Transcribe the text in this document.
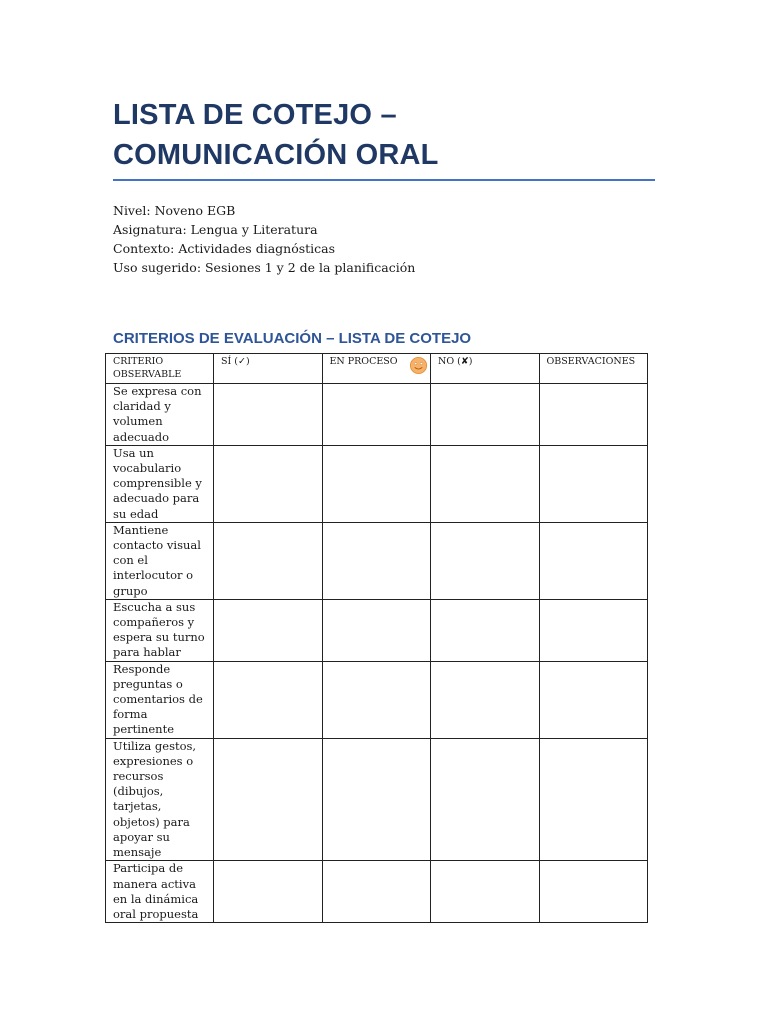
LISTA DE COTEJO – COMUNICACIÓN ORAL
Nivel: Noveno EGB
Asignatura: Lengua y Literatura
Contexto: Actividades diagnósticas
Uso sugerido: Sesiones 1 y 2 de la planificación
CRITERIOS DE EVALUACIÓN – LISTA DE COTEJO
CRITERIO OBSERVABLE	SÍ (✓)	EN PROCESO	NO (✘)	OBSERVACIONES

Se expresa con claridad y volumen adecuado				
Usa un vocabulario comprensible y adecuado para su edad				
Mantiene contacto visual con el interlocutor o grupo				
Escucha a sus compañeros y espera su turno para hablar				
Responde preguntas o comentarios de forma pertinente				
Utiliza gestos, expresiones o recursos (dibujos, tarjetas, objetos) para apoyar su mensaje				
Participa de manera activa en la dinámica oral propuesta				
